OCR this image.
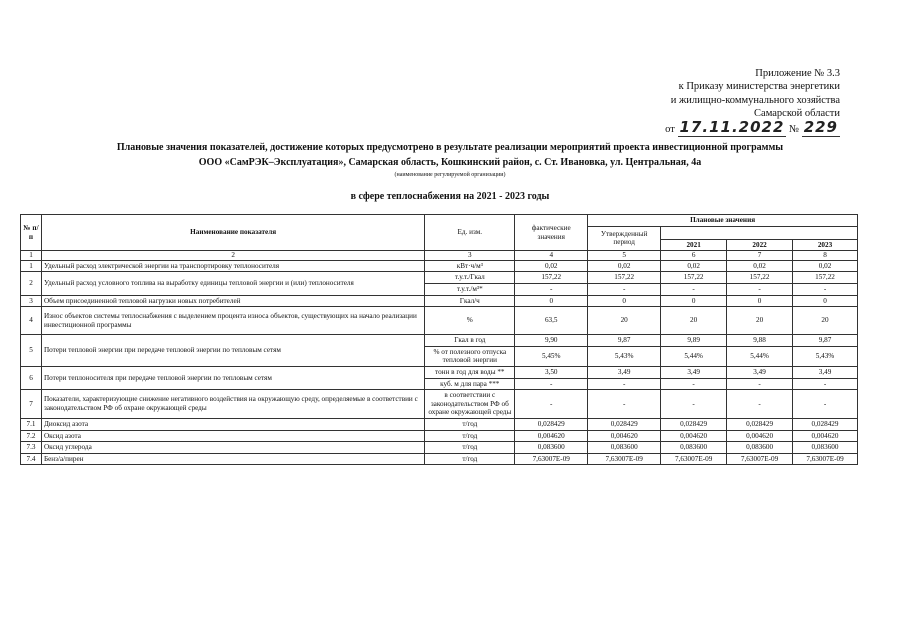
Приложение № 3.3
к Приказу министерства энергетики
и жилищно-коммунального хозяйства
Самарской области
от 17.11.2022 № 229
Плановые значения показателей, достижение которых предусмотрено в результате реализации мероприятий проекта инвестиционной программы
ООО «СамРЭК–Эксплуатация», Самарская область, Кошкинский район, с. Ст. Ивановка, ул. Центральная, 4а
(наименование регулируемой организации)
в сфере теплоснабжения на 2021 - 2023 годы
№ п/п	Наименование показателя	Ед. изм.	фактические значения	Плановые значения			
				Утвержденный период			
					2021	2022	2023
1	2	3	4	5	6	7	8
1	Удельный расход электрической энергии на транспортировку теплоносителя	кВт·ч/м³	0,02	0,02	0,02	0,02	0,02
2	Удельный расход условного топлива на выработку единицы тепловой энергии и (или) теплоносителя	т.у.т./Гкал	157,22	157,22	157,22	157,22	157,22
		т.у.т./м³*	-	-	-	-	-
3	Объем присоединенной тепловой нагрузки новых потребителей	Гкал/ч	0	0	0	0	0
4	Износ объектов системы теплоснабжения с выделением процента износа объектов, существующих на начало реализации инвестиционной программы	%	63,5	20	20	20	20
5	Потери тепловой энергии при передаче тепловой энергии по тепловым сетям	Гкал в год	9,90	9,87	9,89	9,88	9,87
		% от полезного отпуска тепловой энергии	5,45%	5,43%	5,44%	5,44%	5,43%
6	Потери теплоносителя при передаче тепловой энергии по тепловым сетям	тонн в год для воды **	3,50	3,49	3,49	3,49	3,49
		куб. м для пара ***	-	-	-	-	-
7	Показатели, характеризующие снижение негативного воздействия на окружающую среду, определяемые в соответствии с законодательством РФ об охране окружающей среды	в соответствии с законодательством РФ об охране окружающей среды	-	-	-	-	-
7.1	Диоксид азота	т/год	0,028429	0,028429	0,028429	0,028429	0,028429
7.2	Оксид азота	т/год	0,004620	0,004620	0,004620	0,004620	0,004620
7.3	Оксид углерода	т/год	0,083600	0,083600	0,083600	0,083600	0,083600
7.4	Бенз/а/пирен	т/год	7,63007E-09	7,63007E-09	7,63007E-09	7,63007E-09	7,63007E-09
